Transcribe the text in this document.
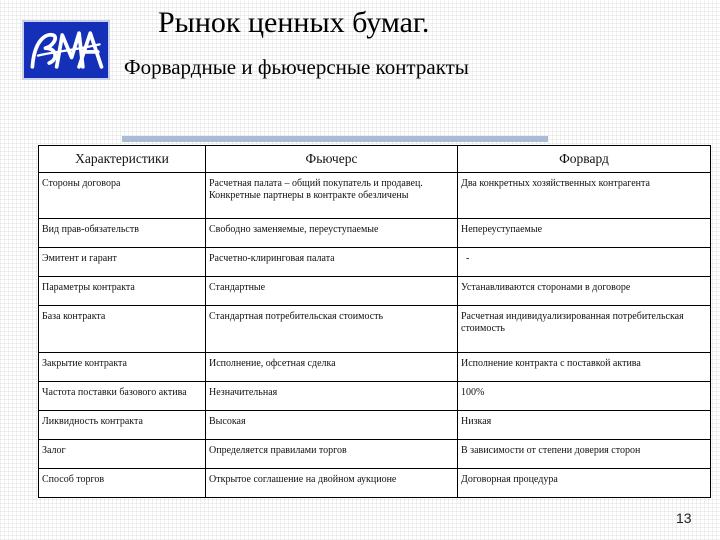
Рынок ценных бумаг.
Форвардные и фьючерсные контракты
Характеристики	Фьючерс	Форвард
Стороны договора	Расчетная палата – общий покупатель и продавец. Конкретные партнеры в контракте обезличены	Два конкретных хозяйственных контрагента
Вид прав-обязательств	Свободно заменяемые, переуступаемые	Непереуступаемые
Эмитент и гарант	Расчетно-клиринговая палата	-
Параметры контракта	Стандартные	Устанавливаются сторонами в договоре
База контракта	Стандартная потребительская стоимость	Расчетная индивидуализированная потребительская стоимость
Закрытие контракта	Исполнение, офсетная сделка	Исполнение контракта с поставкой актива
Частота поставки базового актива	Незначительная	100%
Ликвидность контракта	Высокая	Низкая
Залог	Определяется правилами торгов	В зависимости от степени доверия сторон
Способ торгов	Открытое соглашение на двойном аукционе	Договорная процедура
13
